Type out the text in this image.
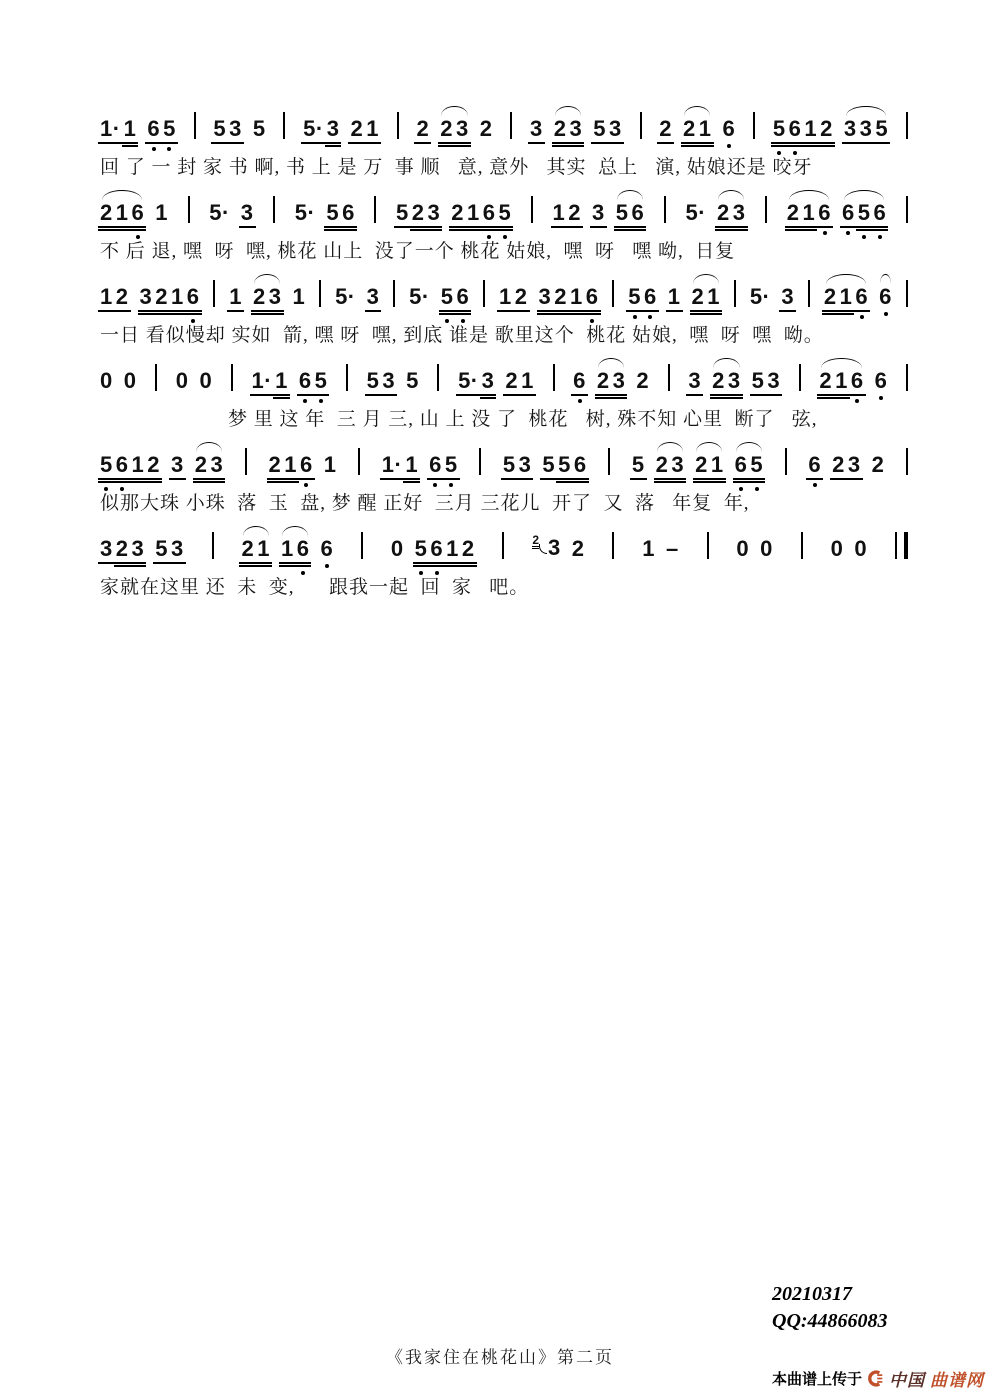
1· 1 6 5 5 3 5 5· 3 2 1 2 2 3 2 3 2 3 5 3 2 2 1 6 5 6 1 2 3 3 5
回 了 一 封 家 书 啊, 书 上 是 万  事 顺   意, 意外   其实  总上   演, 姑娘还是 咬牙
2 1 6 1 5· 3 5· 5 6 5 2 3 2 1 6 5 1 2 3 5 6 5· 2 3 2 1 6 6 5 6
不 后 退, 嘿  呀  嘿, 桃花 山上  没了一个 桃花 姑娘,  嘿  呀   嘿 呦,  日复
1 2 3 2 1 6 1 2 3 1 5· 3 5· 5 6 1 2 3 2 1 6 5 6 1 2 1 5· 3 2 1 6 6
一日 看似慢却 实如  箭, 嘿 呀  嘿, 到底 谁是 歌里这个  桃花 姑娘,  嘿  呀  嘿  呦。
0 0 0 0 1· 1 6 5 5 3 5 5· 3 2 1 6 2 3 2 3 2 3 5 3 2 1 6 6
梦 里 这 年  三 月 三, 山 上 没 了  桃花   树, 殊不知 心里  断了   弦,
5 6 1 2 3 2 3 2 1 6 1 1· 1 6 5 5 3 5 5 6 5 2 3 2 1 6 5 6 2 3 2
似那大珠 小珠  落  玉  盘, 梦 醒 正好  三月 三花儿  开了  又  落   年复  年,
3 2 3 5 3	2 1 1 6 6	0 5 6 1 2	2 3 2	1 –	0 0	0 0
家就在这里 还  未  变,      跟我一起  回  家   吧。
20210317
QQ:44866083
《我家住在桃花山》第二页
本曲谱上传于 中国 曲谱网
